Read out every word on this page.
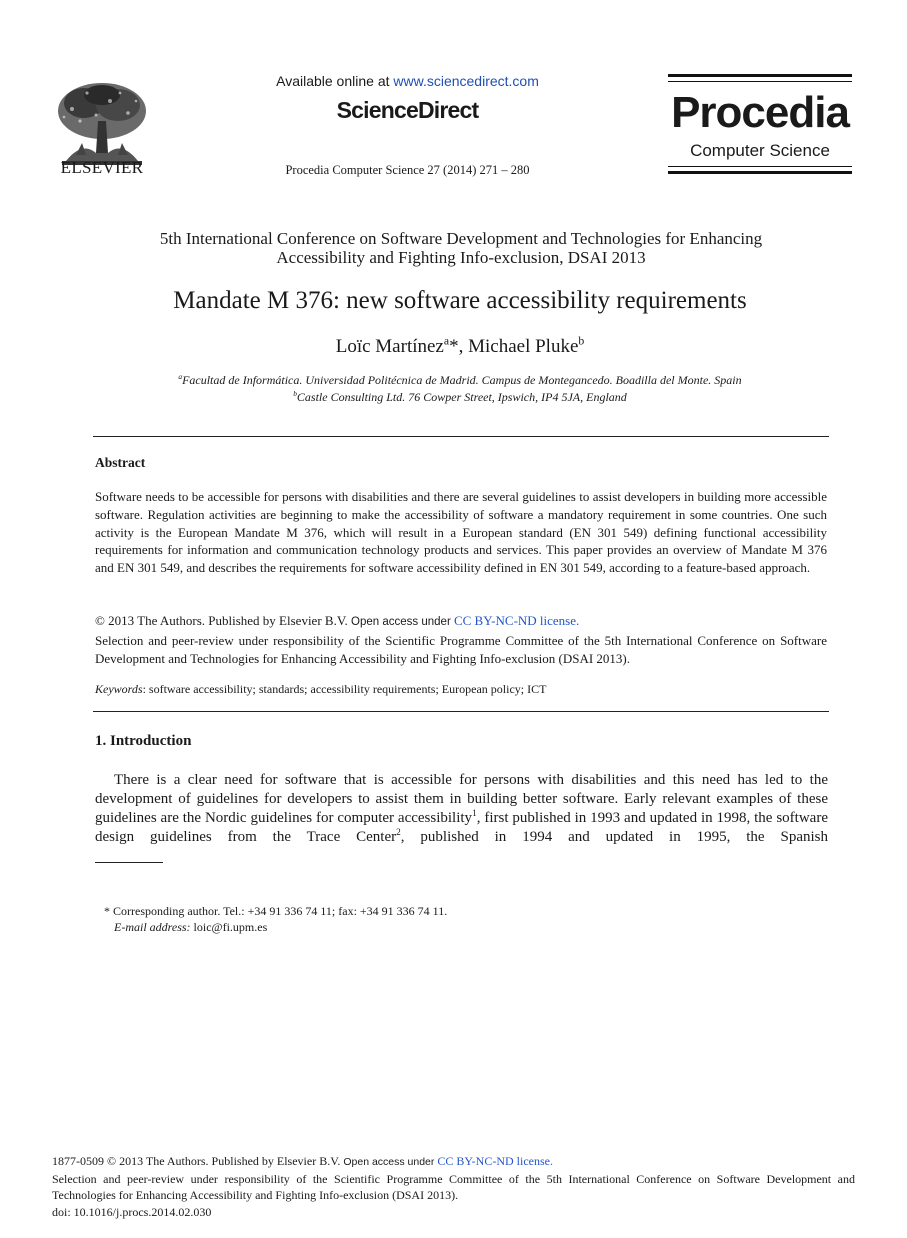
ELSEVIER
Available online at www.sciencedirect.com
ScienceDirect
Procedia Computer Science 27 (2014) 271 – 280
Procedia
Computer Science
5th International Conference on Software Development and Technologies for Enhancing
Accessibility and Fighting Info-exclusion, DSAI 2013
Mandate M 376: new software accessibility requirements
Loïc Martínez$^a$*, Michael Pluke$^b$
$^a$Facultad de Informática. Universidad Politécnica de Madrid. Campus de Montegancedo. Boadilla del Monte. Spain
$^b$Castle Consulting Ltd. 76 Cowper Street, Ipswich, IP4 5JA, England
Abstract
Software needs to be accessible for persons with disabilities and there are several guidelines to assist developers in building more accessible software. Regulation activities are beginning to make the accessibility of software a mandatory requirement in some countries. One such activity is the European Mandate M 376, which will result in a European standard (EN 301 549) defining functional accessibility requirements for information and communication technology products and services. This paper provides an overview of Mandate M 376 and EN 301 549, and describes the requirements for software accessibility defined in EN 301 549, according to a feature-based approach.
© 2013 The Authors. Published by Elsevier B.V. Open access under CC BY-NC-ND license.
Selection and peer-review under responsibility of the Scientific Programme Committee of the 5th International Conference on Software Development and Technologies for Enhancing Accessibility and Fighting Info-exclusion (DSAI 2013).
Keywords: software accessibility; standards; accessibility requirements; European policy; ICT
1. Introduction
There is a clear need for software that is accessible for persons with disabilities and this need has led to the development of guidelines for developers to assist them in building better software. Early relevant examples of these guidelines are the Nordic guidelines for computer accessibility$^1$, first published in 1993 and updated in 1998, the software design guidelines from the Trace Center$^2$, published in 1994 and updated in 1995, the Spanish
* Corresponding author. Tel.: +34 91 336 74 11; fax: +34 91 336 74 11.
E-mail address: loic@fi.upm.es
1877-0509 © 2013 The Authors. Published by Elsevier B.V. Open access under CC BY-NC-ND license.
Selection and peer-review under responsibility of the Scientific Programme Committee of the 5th International Conference on Software Development and Technologies for Enhancing Accessibility and Fighting Info-exclusion (DSAI 2013).
doi: 10.1016/j.procs.2014.02.030
